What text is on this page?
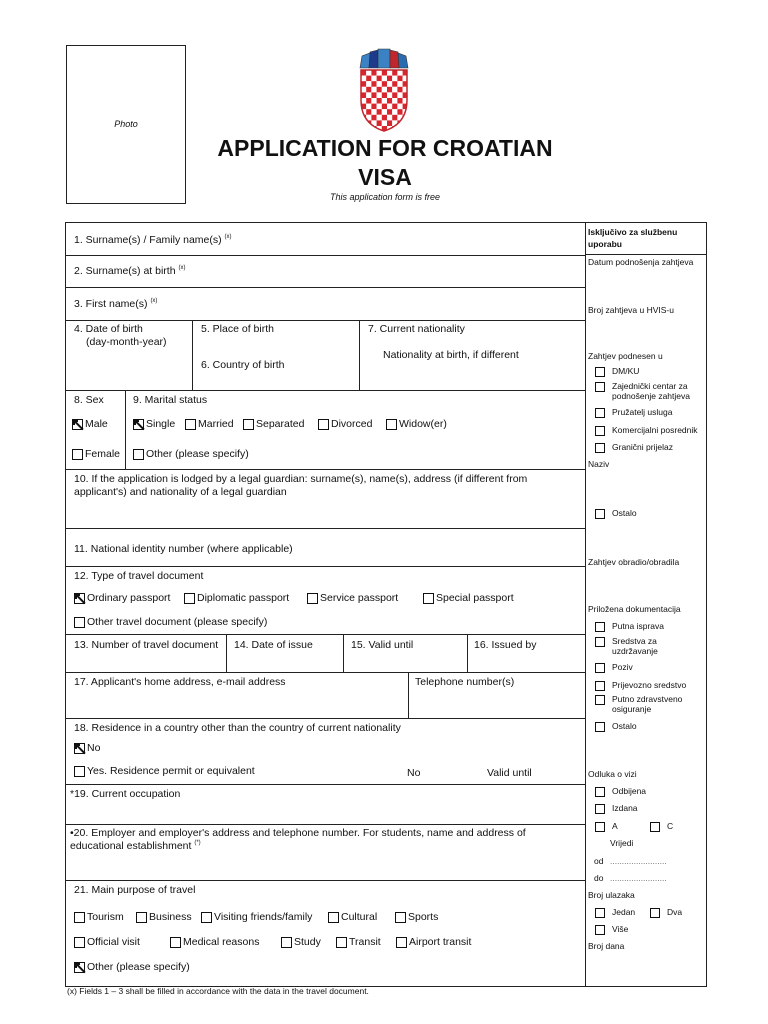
Photo
APPLICATION FOR CROATIAN
VISA
This application form is free
1. Surname(s) / Family name(s) $^{(x)}$
2. Surname(s) at birth $^{(x)}$
3. First name(s) $^{(x)}$
4. Date of birth
(day-month-year)
5. Place of birth
6. Country of birth
7. Current nationality
Nationality at birth, if different
8. Sex	9. Marital status
Male
Female
Single Married Separated	Divorced	Widow(er)
Other (please specify)
10. If the application is lodged by a legal guardian: surname(s), name(s), address (if different from applicant's) and nationality of a legal guardian
11. National identity number (where applicable)
12. Type of travel document
Ordinary passport	Diplomatic passport	Service passport	Special passport
Other travel document (please specify)
13. Number of travel document 14. Date of issue	15. Valid until	16. Issued by
17. Applicant's home address, e-mail address	Telephone number(s)
18. Residence in a country other than the country of current nationality
No
Yes. Residence permit or equivalent	No	Valid until
*19. Current occupation
•20. Employer and employer's address and telephone number. For students, name and address of educational establishment (*)
21. Main purpose of travel
Tourism Business Visiting friends/family	Cultural	Sports
Official visit	Medical reasons	Study	Transit	Airport transit
Other (please specify)
Isključivo za službenu uporabu
Datum podnošenja zahtjeva
Broj zahtjeva u HVIS-u
Zahtjev podnesen u
DM/KU
Zajednički centar za podnošenje zahtjeva
Pružatelj usluga
Komercijalni posrednik
Granični prijelaz
Naziv
Ostalo
Zahtjev obradio/obradila
Priložena dokumentacija
Putna isprava
Sredstva za uzdržavanje
Poziv
Prijevozno sredstvo
Putno zdravstveno osiguranje
Ostalo
Odluka o vizi
Odbijena
Izdana
A	C
Vrijedi
od ........................
do ........................
Broj ulazaka
Jedan	Dva
Više
Broj dana
(x) Fields 1 – 3 shall be filled in accordance with the data in the travel document.
